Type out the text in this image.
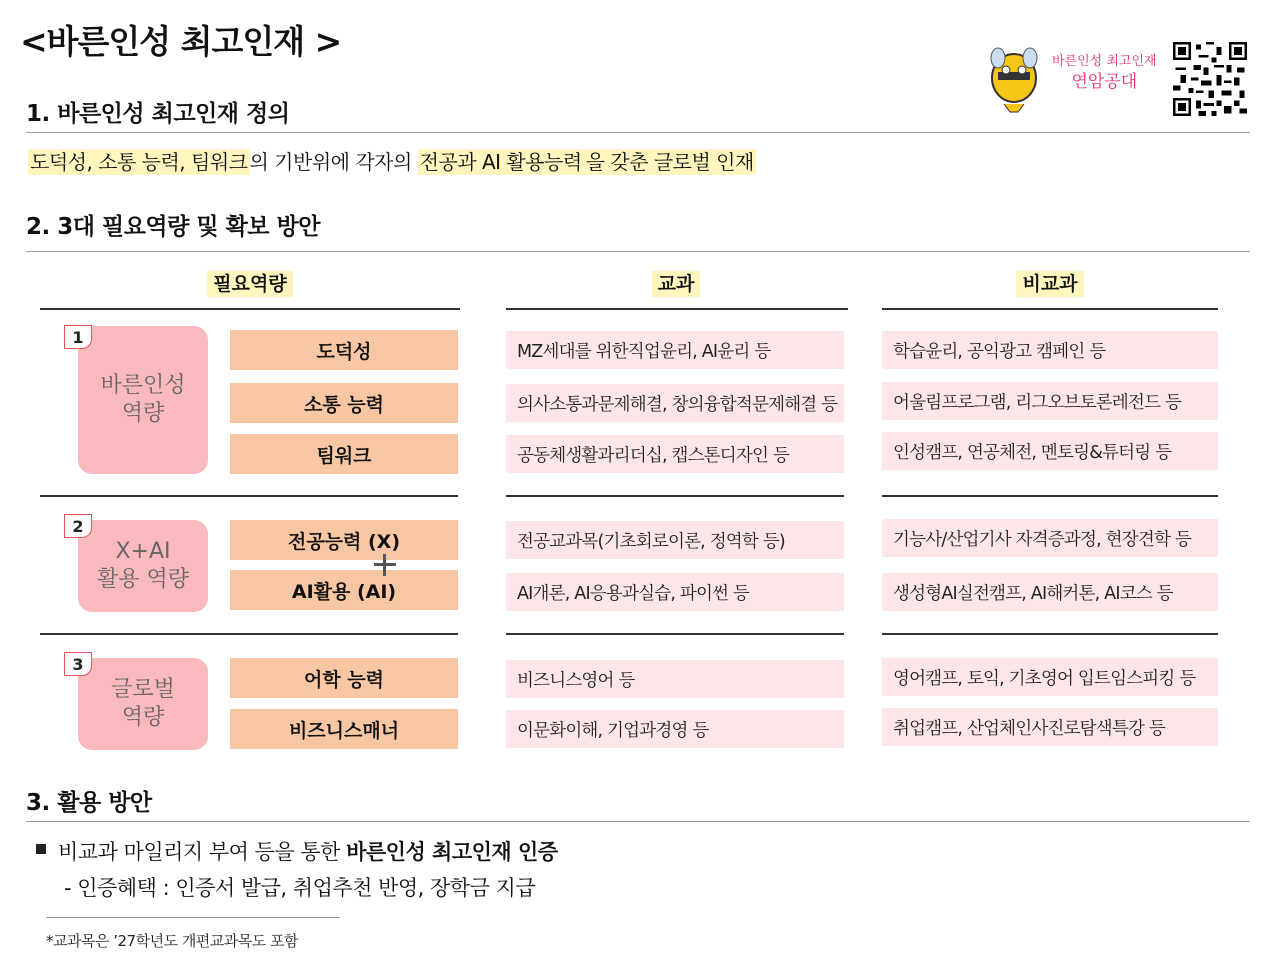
<바른인성 최고인재 >
바른인성 최고인재
연암공대
1. 바른인성 최고인재 정의
도덕성, 소통 능력, 팀워크 의 기반위에 각자의 전공과 AI 활용능력 을 갖춘 글로벌 인재
2. 3대 필요역량 및 확보 방안
필요역량	교과	비교과
바른인성
역량
1
도덕성
소통 능력
팀워크
MZ세대를 위한직업윤리, AI윤리 등
의사소통과문제해결, 창의융합적문제해결 등
공동체생활과리더십, 캡스톤디자인 등
학습윤리, 공익광고 캠페인 등
어울림프로그램, 리그오브토론레전드 등
인성캠프, 연공체전, 멘토링&튜터링 등
X+AI
활용 역량
2
전공능력 (X)
AI활용 (AI)
전공교과목(기초회로이론, 정역학 등)
AI개론, AI응용과실습, 파이썬 등
기능사/산업기사 자격증과정, 현장견학 등
생성형AI실전캠프, AI해커톤, AI코스 등
글로벌
역량
3
어학 능력
비즈니스매너
비즈니스영어 등
이문화이해, 기업과경영 등
영어캠프, 토익, 기초영어 입트임스피킹 등
취업캠프, 산업체인사진로탐색특강 등
3. 활용 방안
비교과 마일리지 부여 등을 통한 바른인성 최고인재 인증
- 인증혜택 : 인증서 발급, 취업추천 반영, 장학금 지급
*교과목은 ’27학년도 개편교과목도 포함
